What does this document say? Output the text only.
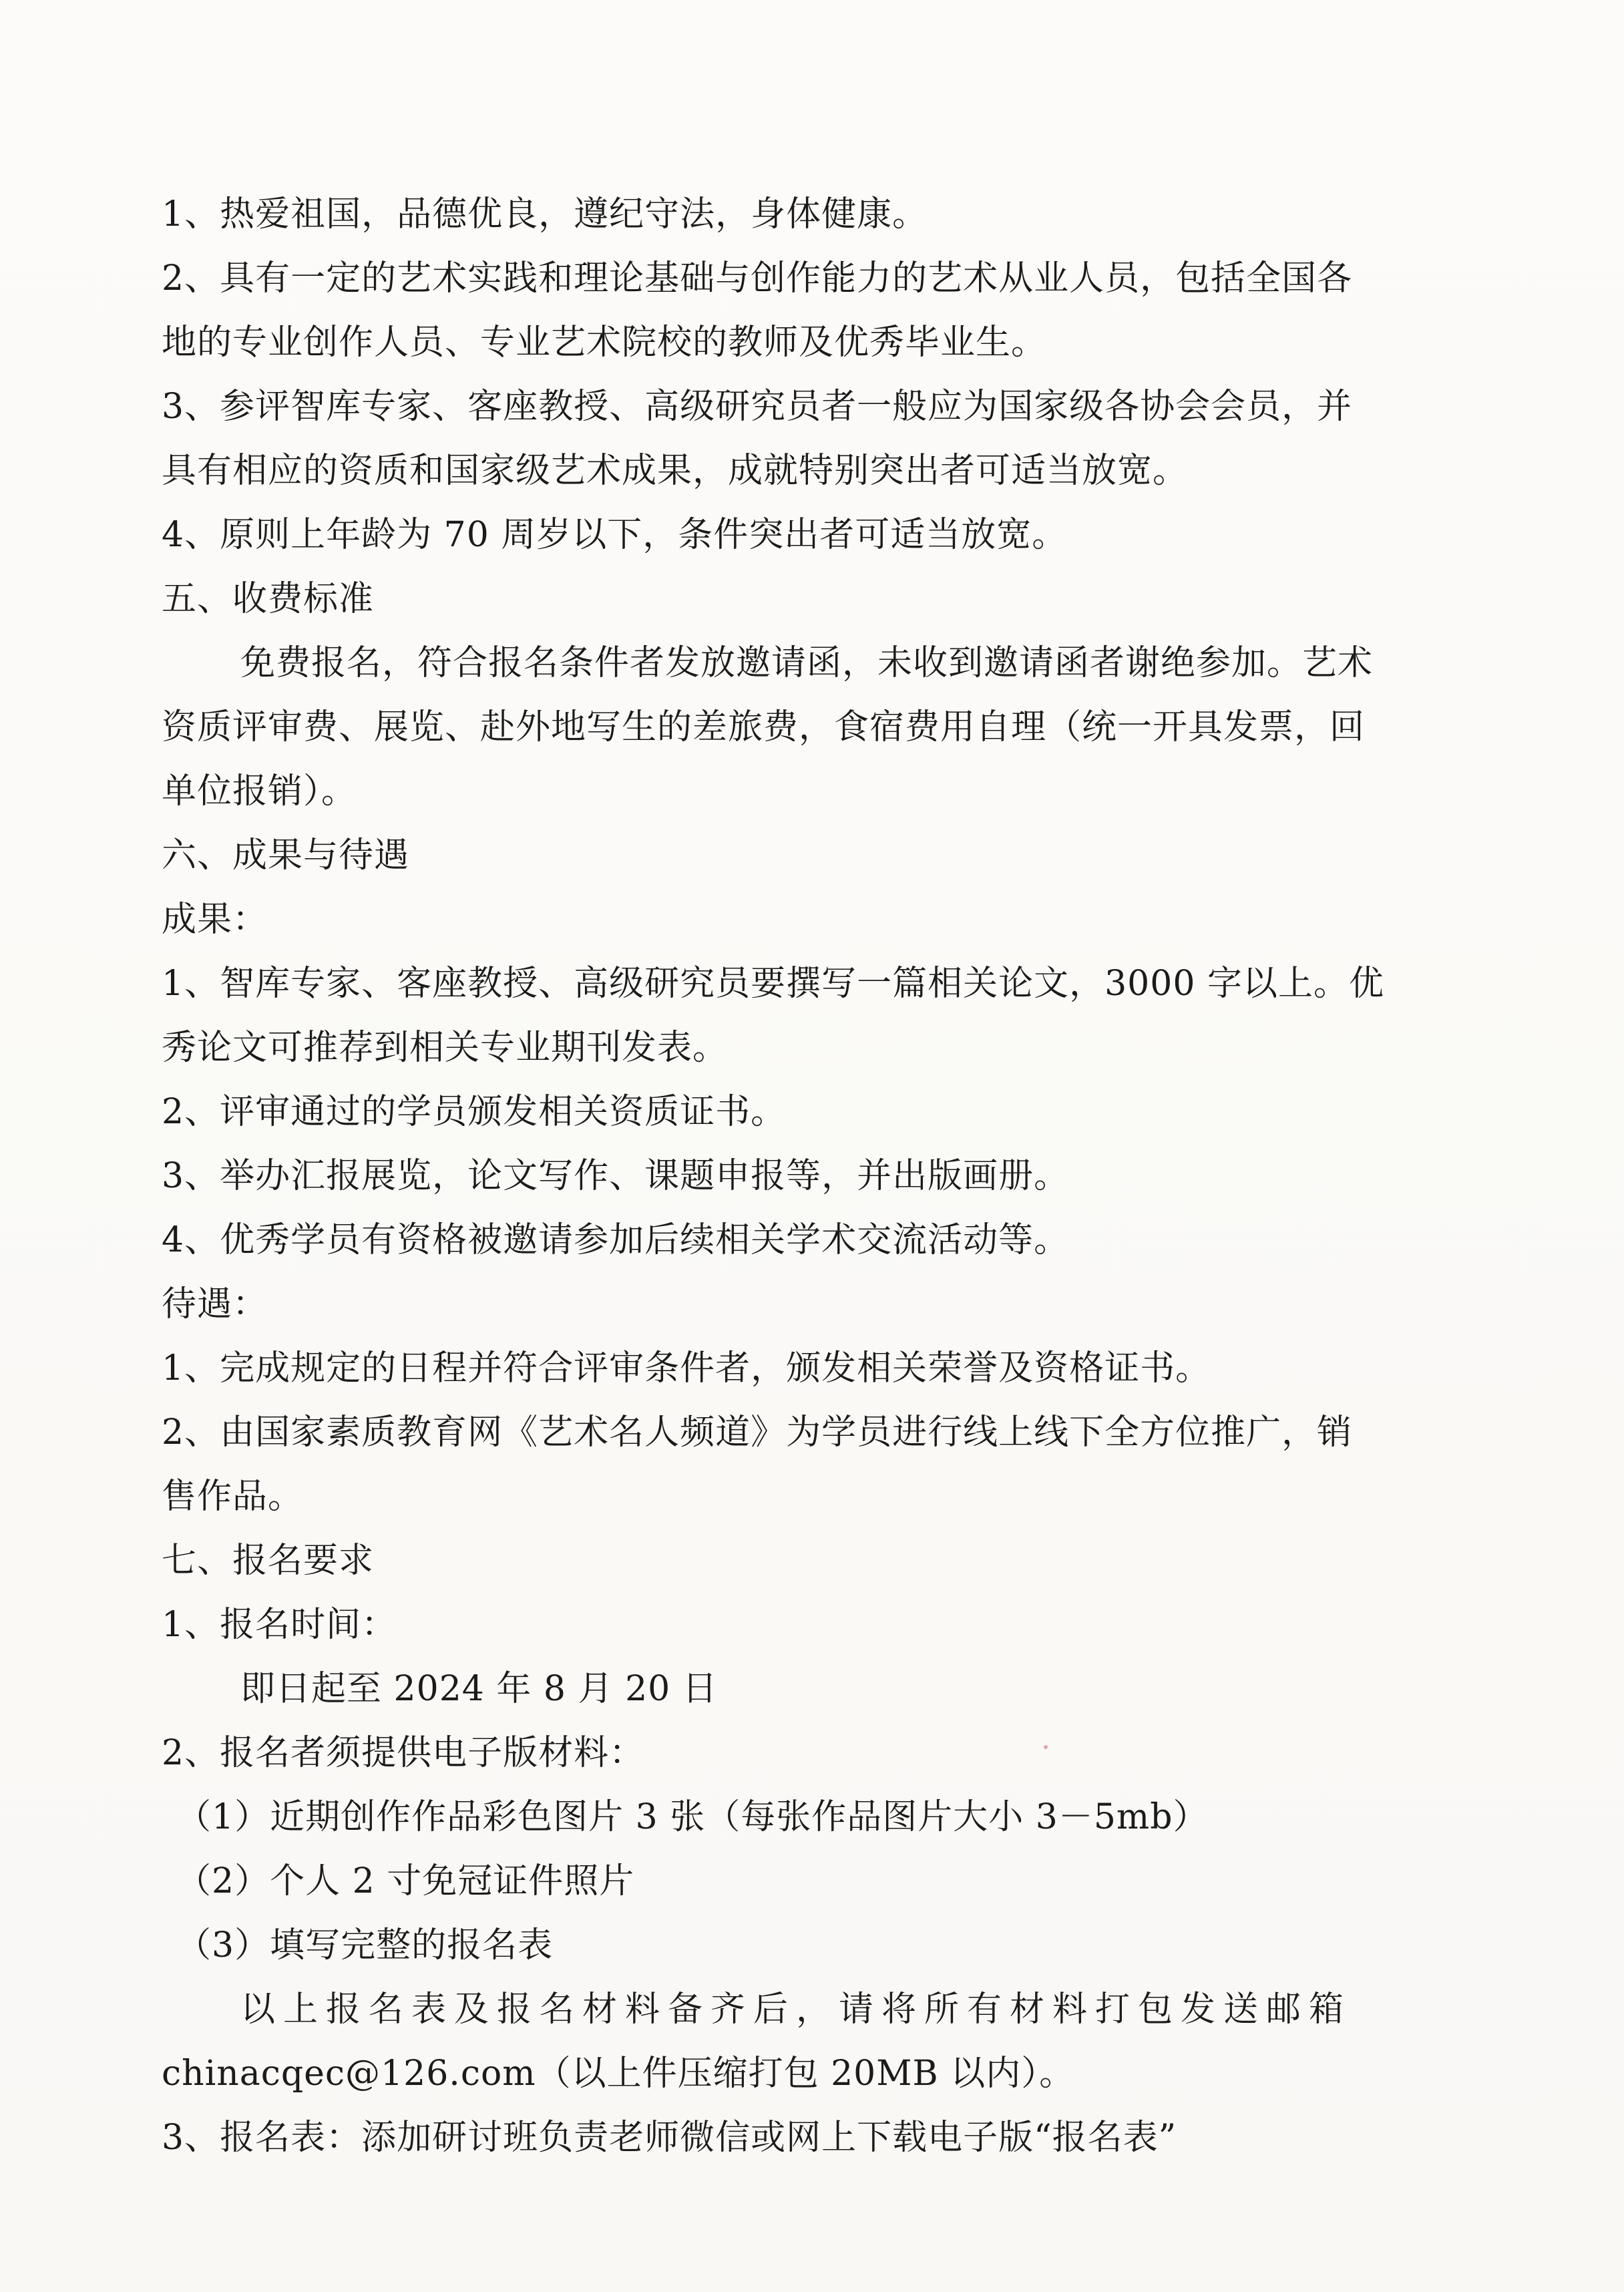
1、热爱祖国，品德优良，遵纪守法，身体健康。
2、具有一定的艺术实践和理论基础与创作能力的艺术从业人员，包括全国各
地的专业创作人员、专业艺术院校的教师及优秀毕业生。
3、参评智库专家、客座教授、高级研究员者一般应为国家级各协会会员，并
具有相应的资质和国家级艺术成果，成就特别突出者可适当放宽。
4、原则上年龄为 70 周岁以下，条件突出者可适当放宽。
五、收费标准
免费报名，符合报名条件者发放邀请函，未收到邀请函者谢绝参加。艺术
资质评审费、展览、赴外地写生的差旅费，食宿费用自理（统一开具发票，回
单位报销）。
六、成果与待遇
成果：
1、智库专家、客座教授、高级研究员要撰写一篇相关论文，3000 字以上。优
秀论文可推荐到相关专业期刊发表。
2、评审通过的学员颁发相关资质证书。
3、举办汇报展览，论文写作、课题申报等，并出版画册。
4、优秀学员有资格被邀请参加后续相关学术交流活动等。
待遇：
1、完成规定的日程并符合评审条件者，颁发相关荣誉及资格证书。
2、由国家素质教育网《艺术名人频道》为学员进行线上线下全方位推广，销
售作品。
七、报名要求
1、报名时间：
即日起至 2024 年 8 月 20 日
2、报名者须提供电子版材料：
（1）近期创作作品彩色图片 3 张（每张作品图片大小 3－5mb）
（2）个人 2 寸免冠证件照片
（3）填写完整的报名表
以上报名表及报名材料备齐后，请将所有材料打包发送邮箱
chinacqec@126.com（以上件压缩打包 20MB 以内）。
3、报名表：添加研讨班负责老师微信或网上下载电子版“报名表”
